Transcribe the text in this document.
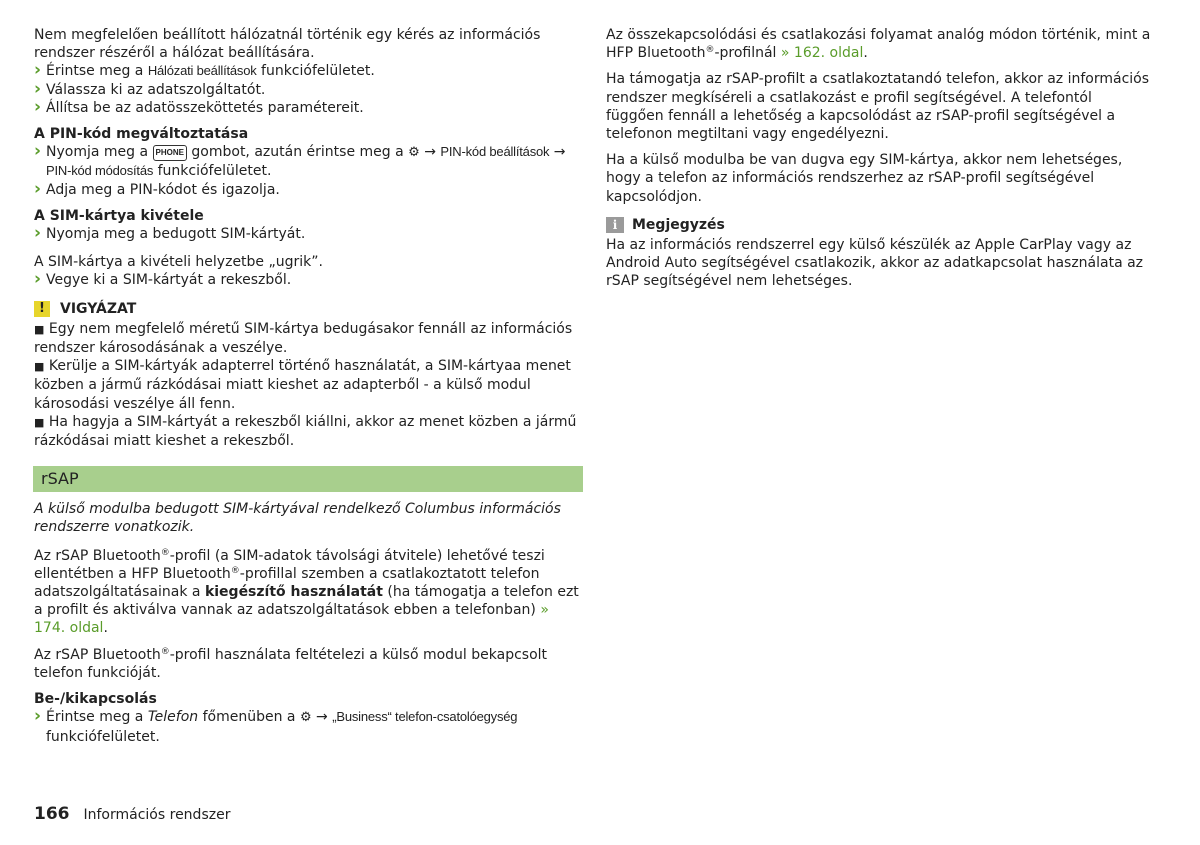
Nem megfelelően beállított hálózatnál történik egy kérés az információs rendszer részéről a hálózat beállítására.

› Érintse meg a Hálózati beállítások funkciófelületet.

› Válassza ki az adatszolgáltatót.

› Állítsa be az adatösszeköttetés paramétereit.

A PIN-kód megváltoztatása

› Nyomja meg a PHONE gombot, azután érintse meg a ⚙ → PIN-kód beállítások → PIN-kód módosítás funkciófelületet.

› Adja meg a PIN-kódot és igazolja.

A SIM-kártya kivétele

› Nyomja meg a bedugott SIM-kártyát.

A SIM-kártya a kivételi helyzetbe „ugrik”.

› Vegye ki a SIM-kártyát a rekeszből.

!	VIGYÁZAT

■ Egy nem megfelelő méretű SIM-kártya bedugásakor fennáll az információs rendszer károsodásának a veszélye.

■ Kerülje a SIM-kártyák adapterrel történő használatát, a SIM-kártyaa menet közben a jármű rázkódásai miatt kieshet az adapterből - a külső modul károsodási veszélye áll fenn.

■ Ha hagyja a SIM-kártyát a rekeszből kiállni, akkor az menet közben a jármű rázkódásai miatt kieshet a rekeszből.

rSAP

A külső modulba bedugott SIM-kártyával rendelkező Columbus információs rendszerre vonatkozik.

Az rSAP Bluetooth®-profil (a SIM-adatok távolsági átvitele) lehetővé teszi ellentétben a HFP Bluetooth®-profillal szemben a csatlakoztatott telefon adatszolgáltatásainak a kiegészítő használatát (ha támogatja a telefon ezt a profilt és aktiválva vannak az adatszolgáltatások ebben a telefonban) » 174. oldal.

Az rSAP Bluetooth®-profil használata feltételezi a külső modul bekapcsolt telefon funkcióját.

Be-/kikapcsolás

› Érintse meg a Telefon főmenüben a ⚙ → „Business“ telefon-csatolóegység funkciófelületet.

Az összekapcsolódási és csatlakozási folyamat analóg módon történik, mint a HFP Bluetooth®-profilnál » 162. oldal.

Ha támogatja az rSAP-profilt a csatlakoztatandó telefon, akkor az információs rendszer megkíséreli a csatlakozást e profil segítségével. A telefontól függően fennáll a lehetőség a kapcsolódást az rSAP-profil segítségével a telefonon megtiltani vagy engedélyezni.

Ha a külső modulba be van dugva egy SIM-kártya, akkor nem lehetséges, hogy a telefon az információs rendszerhez az rSAP-profil segítségével kapcsolódjon.

i	Megjegyzés

Ha az információs rendszerrel egy külső készülék az Apple CarPlay vagy az Android Auto segítségével csatlakozik, akkor az adatkapcsolat használata az rSAP segítségével nem lehetséges.

166 Információs rendszer
